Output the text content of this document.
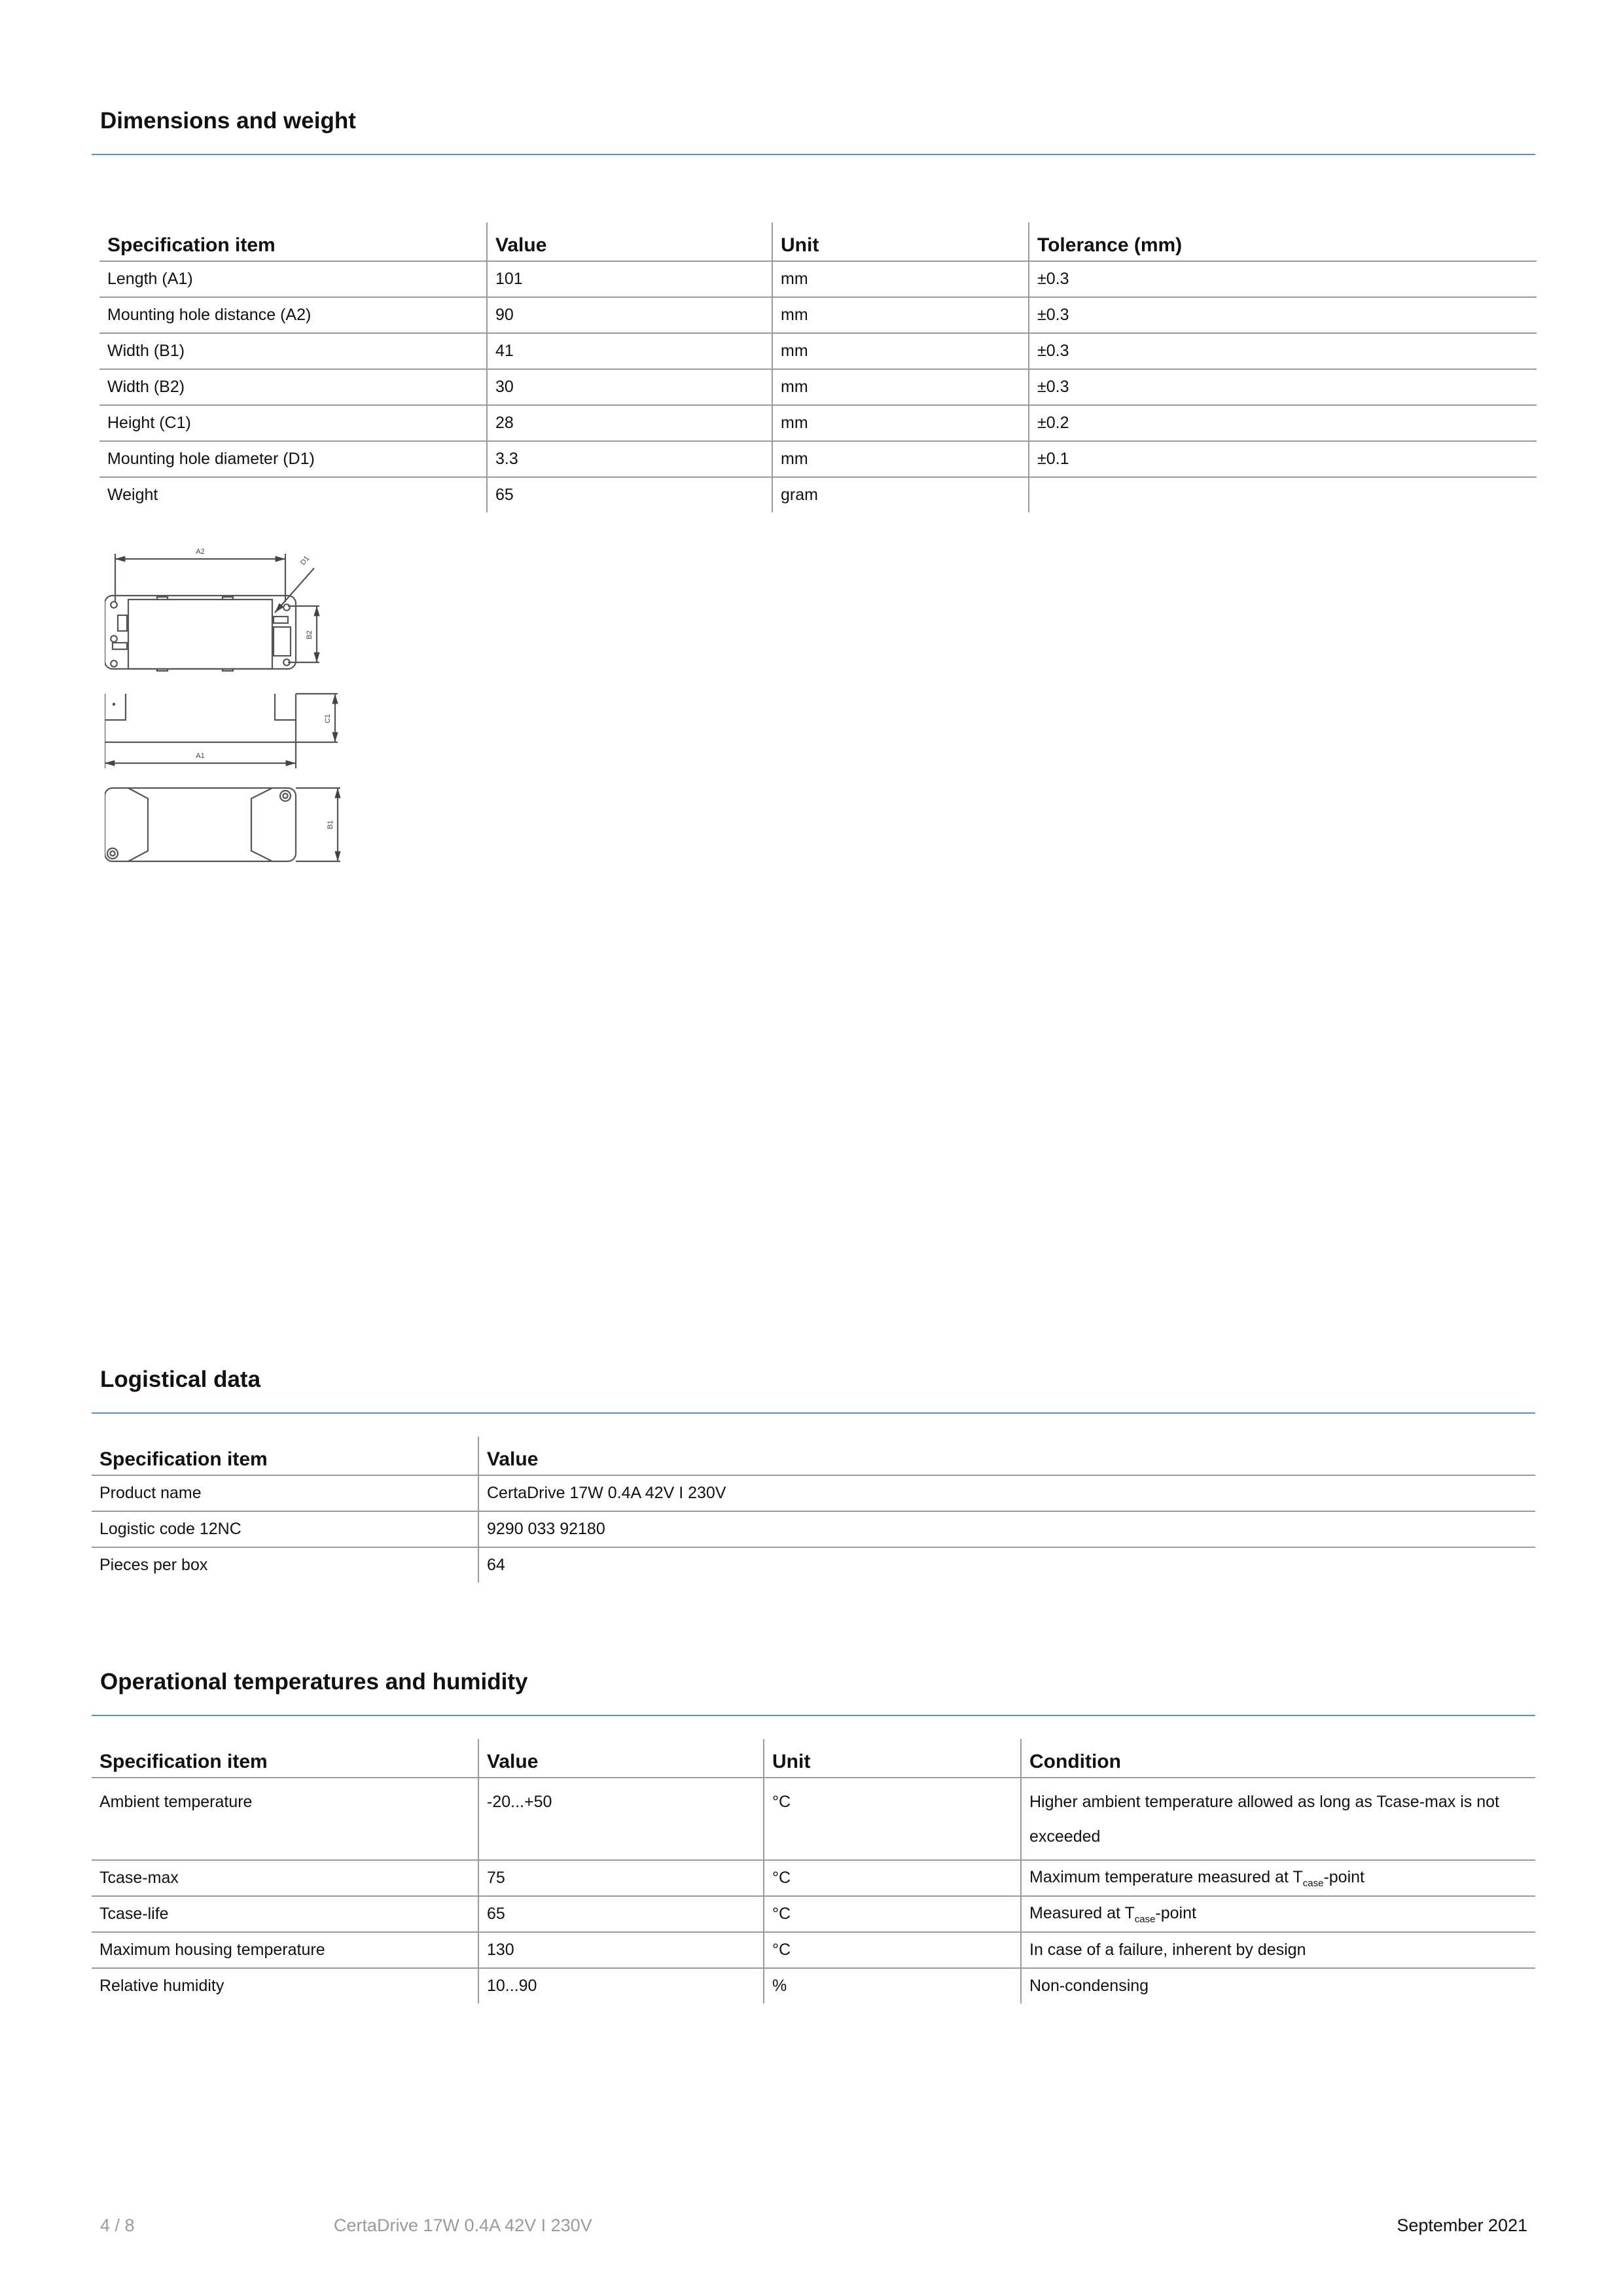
Dimensions and weight
Specification item	Value	Unit	Tolerance (mm)
Length (A1)	101	mm	±0.3
Mounting hole distance (A2)	90	mm	±0.3
Width (B1)	41	mm	±0.3
Width (B2)	30	mm	±0.3
Height (C1)	28	mm	±0.2
Mounting hole diameter (D1)	3.3	mm	±0.1
Weight	65	gram	
A2
D1
B2
C1
A1
B1
Logistical data
Specification item	Value
Product name	CertaDrive 17W 0.4A 42V I 230V
Logistic code 12NC	9290 033 92180
Pieces per box	64
Operational temperatures and humidity
Specification item	Value	Unit	Condition
Ambient temperature	-20...+50	°C	Higher ambient temperature allowed as long as Tcase-max is not exceeded
Tcase-max	75	°C	Maximum temperature measured at $T_{case}$-point
Tcase-life	65	°C	Measured at $T_{case}$-point
Maximum housing temperature	130	°C	In case of a failure, inherent by design
Relative humidity	10...90	%	Non-condensing
4 / 8	CertaDrive 17W 0.4A 42V I 230V	September 2021
